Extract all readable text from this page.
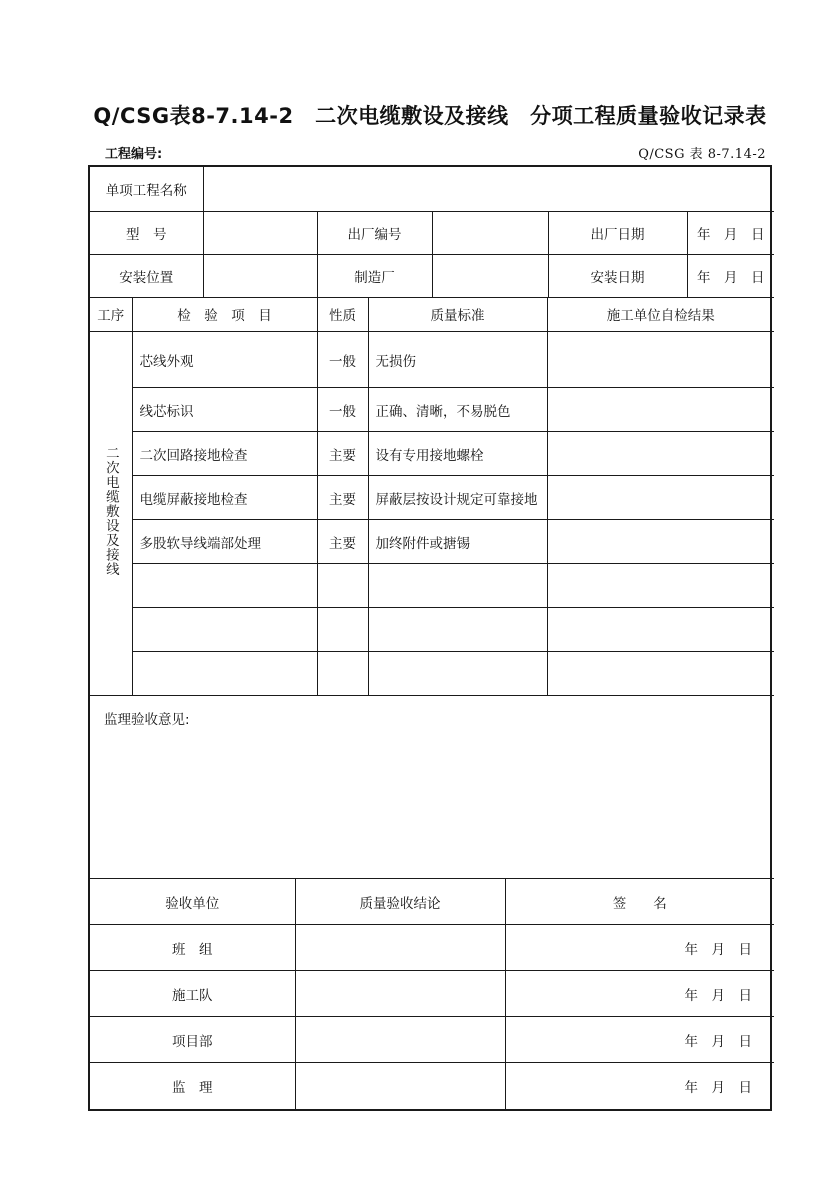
Q/CSG表8-7.14-2　二次电缆敷设及接线　分项工程质量验收记录表
工程编号:	Q/CSG 表 8-7.14-2
单项工程名称					
型　号		出厂编号		出厂日期	年　月　日
安装位置		制造厂		安装日期	年　月　日
工序	检　验　项　目	性质	质量标准	施工单位自检结果
二次电缆敷设及接线	芯线外观	一般	无损伤	
	线芯标识	一般	正确、清晰，不易脱色	
	二次回路接地检查	主要	设有专用接地螺栓	
	电缆屏蔽接地检查	主要	屏蔽层按设计规定可靠接地	
	多股软导线端部处理	主要	加终附件或搪锡	

监理验收意见:
验收单位	质量验收结论	签　　名
班　组		年　月　日
施工队		年　月　日
项目部		年　月　日
监　理		年　月　日
